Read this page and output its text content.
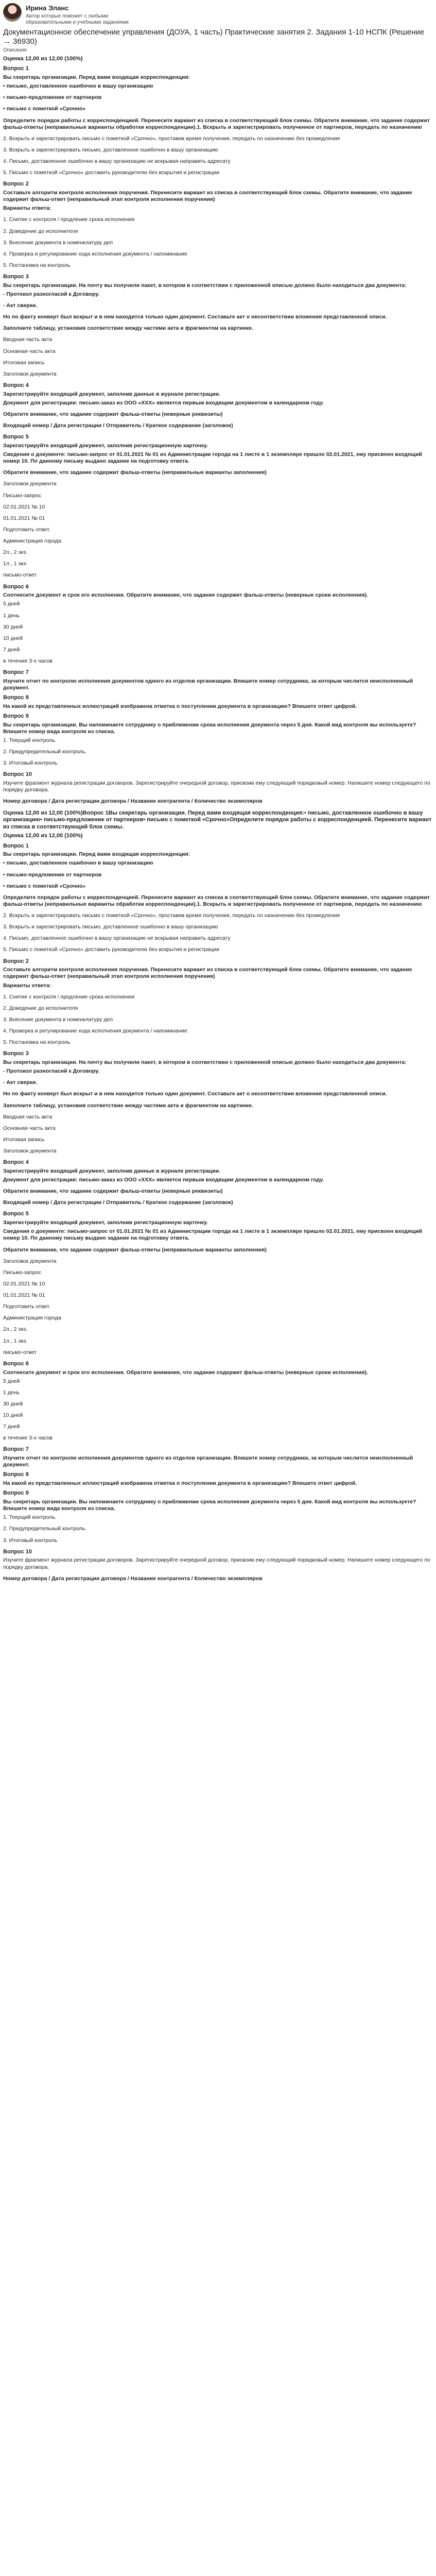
Ирина Эланс
Автор которые поможет с любыми образовательными и учебными заданиями
Документационное обеспечение управления (ДОУА, 1 часть) Практические занятия 2. Задания 1-10 НСПК (Решение → 36930)
Описание
Оценка 12,00 из 12,00 (100%)
Вопрос 1
Вы секретарь организации. Перед вами входящая корреспонденция:
• письмо, доставленное ошибочно в вашу организацию
• письмо-предложение от партнеров
• письмо с пометкой «Срочно»
Определите порядок работы с корреспонденцией. Перенесите вариант из списка в соответствующий блок схемы. Обратите внимание, что задание содержит фальш-ответы (неправильные варианты обработки корреспонденции).1. Вскрыть и зарегистрировать полученное от партнеров, передать по назначению
2. Вскрыть и зарегистрировать письмо с пометкой «Срочно», проставив время получения, передать по назначению без промедления
3. Вскрыть и зарегистрировать письмо, доставленное ошибочно в вашу организацию
4. Письмо, доставленное ошибочно в вашу организацию не вскрывая направить адресату
5. Письмо с пометкой «Срочно» доставить руководителю без вскрытия и регистрации
Вопрос 2
Составьте алгоритм контроля исполнения поручения. Перенесите вариант из списка в соответствующий блок схемы. Обратите внимание, что задание содержит фальш-ответ (неправильный этап контроля исполнения поручения)
Варианты ответа:
1. Снятие с контроля / продление срока исполнения
2. Доведение до исполнителя
3. Внесение документа в номенклатуру дел
4. Проверка и регулирование хода исполнения документа / напоминание
5. Постановка на контроль
Вопрос 3
Вы секретарь организации. На почту вы получили пакет, в котором в соответствии с приложенной описью должно было находиться два документа:
- Протокол разногласий к Договору.
- Акт сверки.
Но по факту конверт был вскрыт и в нем находится только один документ. Составьте акт о несоответствии вложения представленной описи.
Заполните таблицу, установив соответствие между частями акта и фрагментом на картинке.
Вводная часть акта
Основная часть акта
Итоговая запись
Заголовок документа
Вопрос 4
Зарегистрируйте входящий документ, заполнив данные в журнале регистрации.
Документ для регистрации: письмо-заказ из ООО «ХХХ» является первым входящим документом в календарном году.
Обратите внимание, что задание содержит фальш-ответы (неверные реквизиты)
Входящий номер / Дата регистрации / Отправитель / Краткое содержание (заголовок)
Вопрос 5
Зарегистрируйте входящий документ, заполнив регистрационную карточку.
Сведения о документе: письмо-запрос от 01.01.2021 № 01 из Администрации города на 1 листе в 1 экземпляре пришло 02.01.2021, ему присвоен входящий номер 10. По данному письму выдано задание на подготовку ответа.
Обратите внимание, что задание содержит фальш-ответы (неправильные варианты заполнения)
Заголовок документа
Письмо-запрос
02.01.2021 № 10
01.01.2021 № 01
Подготовить ответ.
Администрация города
2л., 2 экз.
1л., 1 экз.
письмо-ответ
Вопрос 6
Соотнесите документ и срок его исполнения. Обратите внимание, что задание содержит фальш-ответы (неверные сроки исполнения).
5 дней
1 день
30 дней
10 дней
7 дней
в течение 3-х часов
Вопрос 7
Изучите отчет по контролю исполнения документов одного из отделов организации. Впишите номер сотрудника, за которым числится неисполненный документ.
Вопрос 8
На какой из представленных иллюстраций изображена отметка о поступлении документа в организацию? Впишите ответ цифрой.
Вопрос 9
Вы секретарь организации. Вы напоминаете сотруднику о приближении срока исполнения документа через 5 дня. Какой вид контроля вы используете? Впишите номер вида контроля из списка.
1. Текущий контроль.
2. Предупредительный контроль.
3. Итоговый контроль
Вопрос 10
Изучите фрагмент журнала регистрации договоров. Зарегистрируйте очередной договор, присвоив ему следующий порядковый номер. Напишите номер следующего по порядку договора.
Номер договора / Дата регистрации договора / Название контрагента / Количество экземпляров
Оценка 12,00 из 12,00 (100%)Вопрос 1Вы секретарь организации. Перед вами входящая корреспонденция:• письмо, доставленное ошибочно в вашу организацию• письмо-предложение от партнеров• письмо с пометкой «Срочно»Определите порядок работы с корреспонденцией. Перенесите вариант из списка в соответствующий блок схемы.
Оценка 12,00 из 12,00 (100%)
Вопрос 1
Вы секретарь организации. Перед вами входящая корреспонденция:
• письмо, доставленное ошибочно в вашу организацию
• письмо-предложение от партнеров
• письмо с пометкой «Срочно»
Определите порядок работы с корреспонденцией. Перенесите вариант из списка в соответствующий блок схемы. Обратите внимание, что задание содержит фальш-ответы (неправильные варианты обработки корреспонденции).1. Вскрыть и зарегистрировать полученное от партнеров, передать по назначению
2. Вскрыть и зарегистрировать письмо с пометкой «Срочно», проставив время получения, передать по назначению без промедления
3. Вскрыть и зарегистрировать письмо, доставленное ошибочно в вашу организацию
4. Письмо, доставленное ошибочно в вашу организацию не вскрывая направить адресату
5. Письмо с пометкой «Срочно» доставить руководителю без вскрытия и регистрации
Вопрос 2
Составьте алгоритм контроля исполнения поручения. Перенесите вариант из списка в соответствующий блок схемы. Обратите внимание, что задание содержит фальш-ответ (неправильный этап контроля исполнения поручения)
Варианты ответа:
1. Снятие с контроля / продление срока исполнения
2. Доведение до исполнителя
3. Внесение документа в номенклатуру дел
4. Проверка и регулирование хода исполнения документа / напоминание
5. Постановка на контроль
Вопрос 3
Вы секретарь организации. На почту вы получили пакет, в котором в соответствии с приложенной описью должно было находиться два документа:
- Протокол разногласий к Договору.
- Акт сверки.
Но по факту конверт был вскрыт и в нем находится только один документ. Составьте акт о несоответствии вложения представленной описи.
Заполните таблицу, установив соответствие между частями акта и фрагментом на картинке.
Вводная часть акта
Основная часть акта
Итоговая запись
Заголовок документа
Вопрос 4
Зарегистрируйте входящий документ, заполнив данные в журнале регистрации.
Документ для регистрации: письмо-заказ из ООО «ХХХ» является первым входящим документом в календарном году.
Обратите внимание, что задание содержит фальш-ответы (неверные реквизиты)
Входящий номер / Дата регистрации / Отправитель / Краткое содержание (заголовок)
Вопрос 5
Зарегистрируйте входящий документ, заполнив регистрационную карточку.
Сведения о документе: письмо-запрос от 01.01.2021 № 01 из Администрации города на 1 листе в 1 экземпляре пришло 02.01.2021, ему присвоен входящий номер 10. По данному письму выдано задание на подготовку ответа.
Обратите внимание, что задание содержит фальш-ответы (неправильные варианты заполнения)
Заголовок документа
Письмо-запрос
02.01.2021 № 10
01.01.2021 № 01
Подготовить ответ.
Администрация города
2л., 2 экз.
1л., 1 экз.
письмо-ответ
Вопрос 6
Соотнесите документ и срок его исполнения. Обратите внимание, что задание содержит фальш-ответы (неверные сроки исполнения).
5 дней
1 день
30 дней
10 дней
7 дней
в течение 3-х часов
Вопрос 7
Изучите отчет по контролю исполнения документов одного из отделов организации. Впишите номер сотрудника, за которым числится неисполненный документ.
Вопрос 8
На какой из представленных иллюстраций изображена отметка о поступлении документа в организацию? Впишите ответ цифрой.
Вопрос 9
Вы секретарь организации. Вы напоминаете сотруднику о приближении срока исполнения документа через 5 дня. Какой вид контроля вы используете? Впишите номер вида контроля из списка.
1. Текущий контроль.
2. Предупредительный контроль.
3. Итоговый контроль
Вопрос 10
Изучите фрагмент журнала регистрации договоров. Зарегистрируйте очередной договор, присвоив ему следующий порядковый номер. Напишите номер следующего по порядку договора.
Номер договора / Дата регистрации договора / Название контрагента / Количество экземпляров
